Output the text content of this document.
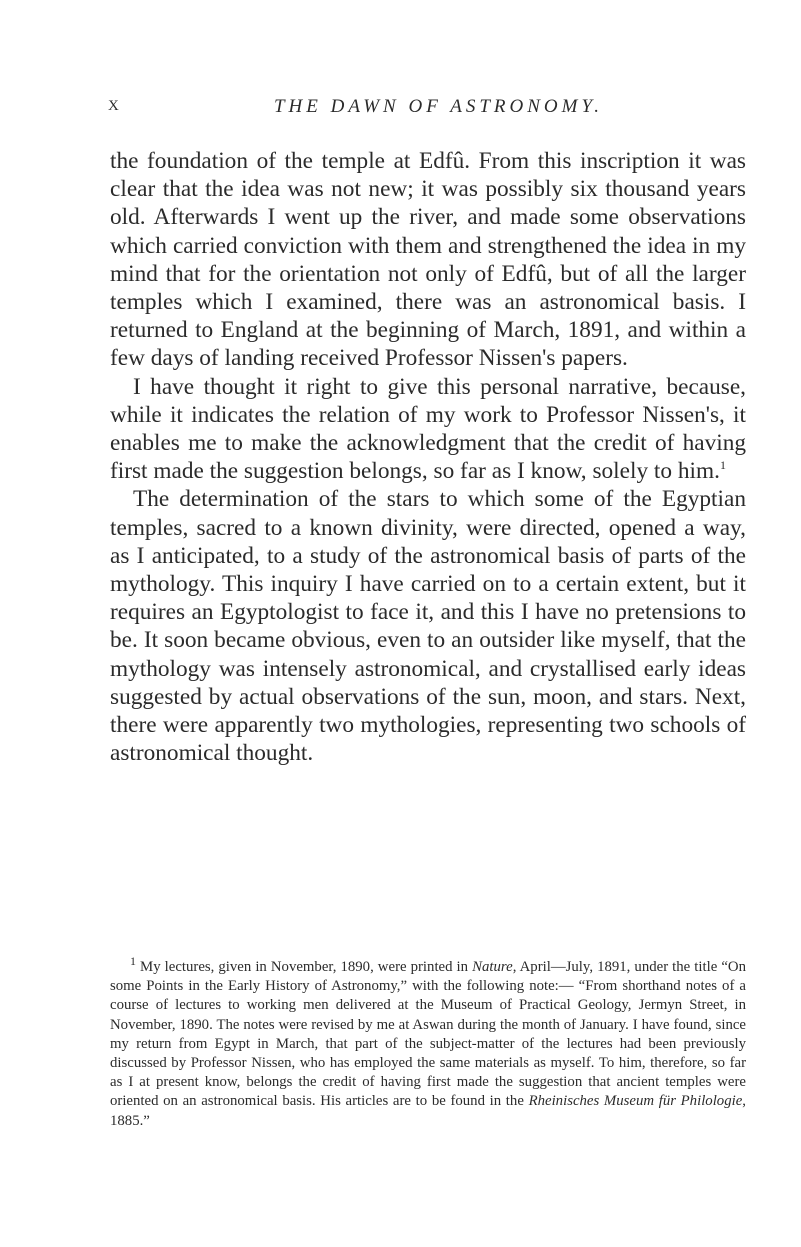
X	THE DAWN OF ASTRONOMY.

the foundation of the temple at Edfû. From this inscription it was clear that the idea was not new; it was possibly six thousand years old. Afterwards I went up the river, and made some observations which carried conviction with them and strengthened the idea in my mind that for the orientation not only of Edfû, but of all the larger temples which I examined, there was an astronomical basis. I returned to England at the beginning of March, 1891, and within a few days of landing received Professor Nissen's papers.

I have thought it right to give this personal narrative, because, while it indicates the relation of my work to Professor Nissen's, it enables me to make the acknowledgment that the credit of having first made the suggestion belongs, so far as I know, solely to him.$^1$

The determination of the stars to which some of the Egyptian temples, sacred to a known divinity, were directed, opened a way, as I anticipated, to a study of the astronomical basis of parts of the mythology. This inquiry I have carried on to a certain extent, but it requires an Egyptologist to face it, and this I have no pretensions to be. It soon became obvious, even to an outsider like myself, that the mythology was intensely astronomical, and crystallised early ideas suggested by actual observations of the sun, moon, and stars. Next, there were apparently two mythologies, representing two schools of astronomical thought.

$^1$ My lectures, given in November, 1890, were printed in Nature, April—July, 1891, under the title “On some Points in the Early History of Astronomy,” with the following note:— “From shorthand notes of a course of lectures to working men delivered at the Museum of Practical Geology, Jermyn Street, in November, 1890. The notes were revised by me at Aswan during the month of January. I have found, since my return from Egypt in March, that part of the subject-matter of the lectures had been previously discussed by Professor Nissen, who has employed the same materials as myself. To him, therefore, so far as I at present know, belongs the credit of having first made the suggestion that ancient temples were oriented on an astronomical basis. His articles are to be found in the Rheinisches Museum für Philologie, 1885.”
